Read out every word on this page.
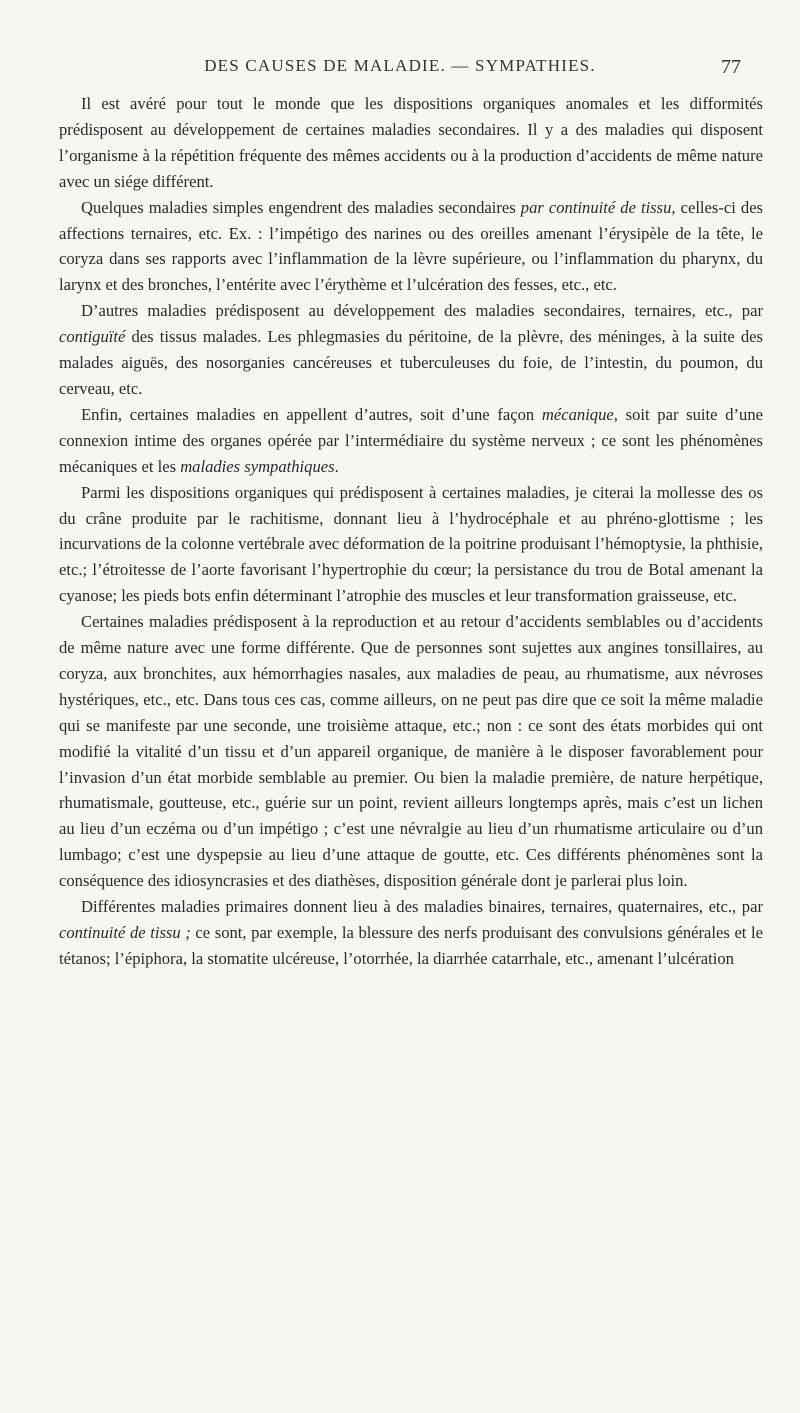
DES CAUSES DE MALADIE. — SYMPATHIES.	77

Il est avéré pour tout le monde que les dispositions organiques anomales et les difformités prédisposent au développement de certaines maladies secondaires. Il y a des maladies qui disposent l’organisme à la répétition fréquente des mêmes accidents ou à la production d’accidents de même nature avec un siége différent.

Quelques maladies simples engendrent des maladies secondaires par continuité de tissu, celles-ci des affections ternaires, etc. Ex. : l’impétigo des narines ou des oreilles amenant l’érysipèle de la tête, le coryza dans ses rapports avec l’inflammation de la lèvre supérieure, ou l’inflammation du pharynx, du larynx et des bronches, l’entérite avec l’érythème et l’ulcération des fesses, etc., etc.

D’autres maladies prédisposent au développement des maladies secondaires, ternaires, etc., par contiguïté des tissus malades. Les phlegmasies du péritoine, de la plèvre, des méninges, à la suite des malades aiguës, des nosorganies cancéreuses et tuberculeuses du foie, de l’intestin, du poumon, du cerveau, etc.

Enfin, certaines maladies en appellent d’autres, soit d’une façon mécanique, soit par suite d’une connexion intime des organes opérée par l’intermédiaire du système nerveux ; ce sont les phénomènes mécaniques et les maladies sympathiques.

Parmi les dispositions organiques qui prédisposent à certaines maladies, je citerai la mollesse des os du crâne produite par le rachitisme, donnant lieu à l’hydrocéphale et au phréno-glottisme ; les incurvations de la colonne vertébrale avec déformation de la poitrine produisant l’hémoptysie, la phthisie, etc.; l’étroitesse de l’aorte favorisant l’hypertrophie du cœur; la persistance du trou de Botal amenant la cyanose; les pieds bots enfin déterminant l’atrophie des muscles et leur transformation graisseuse, etc.

Certaines maladies prédisposent à la reproduction et au retour d’accidents semblables ou d’accidents de même nature avec une forme différente. Que de personnes sont sujettes aux angines tonsillaires, au coryza, aux bronchites, aux hémorrhagies nasales, aux maladies de peau, au rhumatisme, aux névroses hystériques, etc., etc. Dans tous ces cas, comme ailleurs, on ne peut pas dire que ce soit la même maladie qui se manifeste par une seconde, une troisième attaque, etc.; non : ce sont des états morbides qui ont modifié la vitalité d’un tissu et d’un appareil organique, de manière à le disposer favorablement pour l’invasion d’un état morbide semblable au premier. Ou bien la maladie première, de nature herpétique, rhumatismale, goutteuse, etc., guérie sur un point, revient ailleurs longtemps après, mais c’est un lichen au lieu d’un eczéma ou d’un impétigo ; c’est une névralgie au lieu d’un rhumatisme articulaire ou d’un lumbago; c’est une dyspepsie au lieu d’une attaque de goutte, etc. Ces différents phénomènes sont la conséquence des idiosyncrasies et des diathèses, disposition générale dont je parlerai plus loin.

Différentes maladies primaires donnent lieu à des maladies binaires, ternaires, quaternaires, etc., par continuité de tissu ; ce sont, par exemple, la blessure des nerfs produisant des convulsions générales et le tétanos; l’épiphora, la stomatite ulcéreuse, l’otorrhée, la diarrhée catarrhale, etc., amenant l’ulcération
